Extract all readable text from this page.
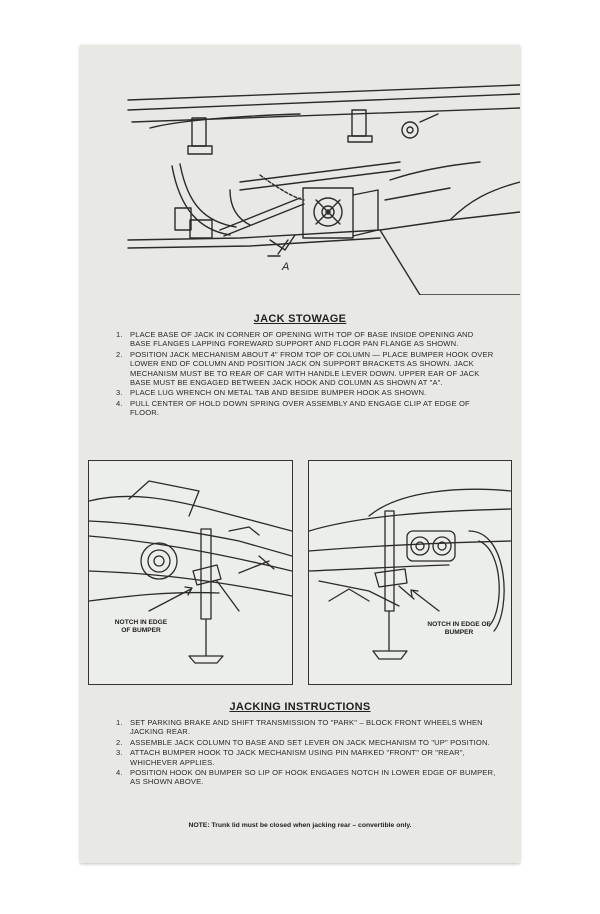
A
JACK STOWAGE
1. PLACE BASE OF JACK IN CORNER OF OPENING WITH TOP OF BASE INSIDE OPENING AND BASE FLANGES LAPPING FOREWARD SUPPORT AND FLOOR PAN FLANGE AS SHOWN.
2. POSITION JACK MECHANISM ABOUT 4" FROM TOP OF COLUMN — PLACE BUMPER HOOK OVER LOWER END OF COLUMN AND POSITION JACK ON SUPPORT BRACKETS AS SHOWN. JACK MECHANISM MUST BE TO REAR OF CAR WITH HANDLE LEVER DOWN. UPPER EAR OF JACK BASE MUST BE ENGAGED BETWEEN JACK HOOK AND COLUMN AS SHOWN AT "A".
3. PLACE LUG WRENCH ON METAL TAB AND BESIDE BUMPER HOOK AS SHOWN.
4. PULL CENTER OF HOLD DOWN SPRING OVER ASSEMBLY AND ENGAGE CLIP AT EDGE OF FLOOR.
NOTCH IN EDGE OF BUMPER
NOTCH IN EDGE OF BUMPER
JACKING INSTRUCTIONS
1. SET PARKING BRAKE AND SHIFT TRANSMISSION TO "PARK" – BLOCK FRONT WHEELS WHEN JACKING REAR.
2. ASSEMBLE JACK COLUMN TO BASE AND SET LEVER ON JACK MECHANISM TO "UP" POSITION.
3. ATTACH BUMPER HOOK TO JACK MECHANISM USING PIN MARKED "FRONT" OR "REAR", WHICHEVER APPLIES.
4. POSITION HOOK ON BUMPER SO LIP OF HOOK ENGAGES NOTCH IN LOWER EDGE OF BUMPER, AS SHOWN ABOVE.
NOTE: Trunk lid must be closed when jacking rear – convertible only.
